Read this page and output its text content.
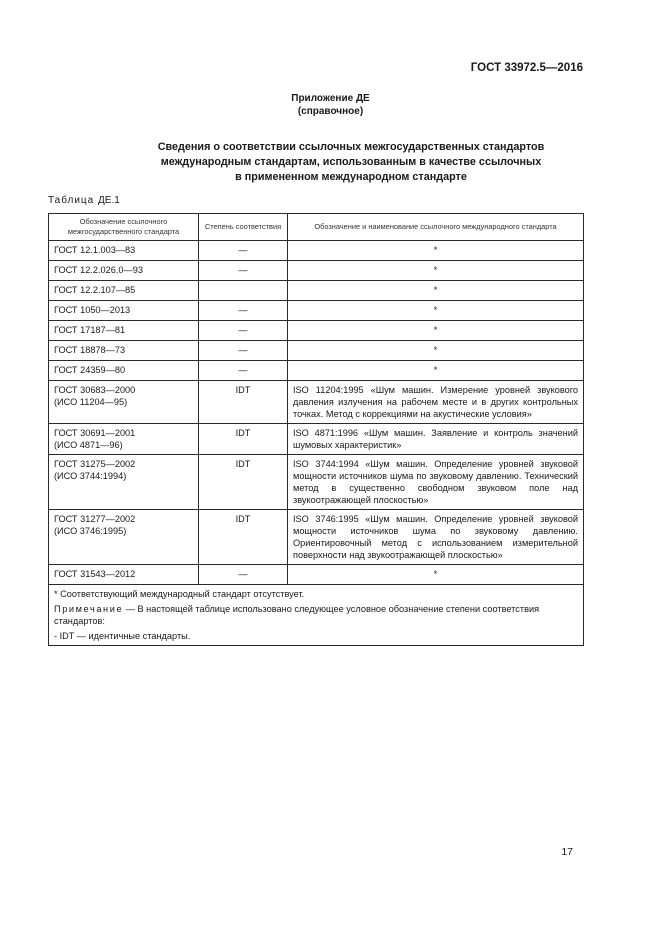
ГОСТ 33972.5—2016
Приложение ДЕ
(справочное)
Сведения о соответствии ссылочных межгосударственных стандартов
международным стандартам, использованным в качестве ссылочных
в примененном международном стандарте
Таблица ДЕ.1
Обозначение ссылочного межгосударственного стандарта	Степень соответствия	Обозначение и наименование ссылочного международного стандарта
ГОСТ 12.1.003—83	—	*
ГОСТ 12.2.026.0—93	—	*
ГОСТ 12.2.107—85		*
ГОСТ 1050—2013	—	*
ГОСТ 17187—81	—	*
ГОСТ 18878—73	—	*
ГОСТ 24359—80	—	*

ГОСТ 30683—2000
(ИСО 11204—95)	IDT	ISO 11204:1995 «Шум машин. Измерение уровней звукового давления излучения на рабочем месте и в других контрольных точках. Метод с коррекциями на акустические условия»

ГОСТ 30691—2001
(ИСО 4871—96)	IDT	ISO 4871:1996 «Шум машин. Заявление и контроль значений шумовых характеристик»

ГОСТ 31275—2002
(ИСО 3744:1994)	IDT	ISO 3744:1994 «Шум машин. Определение уровней звуковой мощности источников шума по звуковому давлению. Технический метод в существенно свободном звуковом поле над звукоотражающей плоскостью»

ГОСТ 31277—2002
(ИСО 3746:1995)	IDT	ISO 3746:1995 «Шум машин. Определение уровней звуковой мощности источников шума по звуковому давлению. Ориентировочный метод с использованием измерительной поверхности над звукоотражающей плоскостью»
ГОСТ 31543—2012	—	*

* Соответствующий международный стандарт отсутствует.
Примечание — В настоящей таблице использовано следующее условное обозначение степени соответствия стандартов:
- IDT — идентичные стандарты.		
17
